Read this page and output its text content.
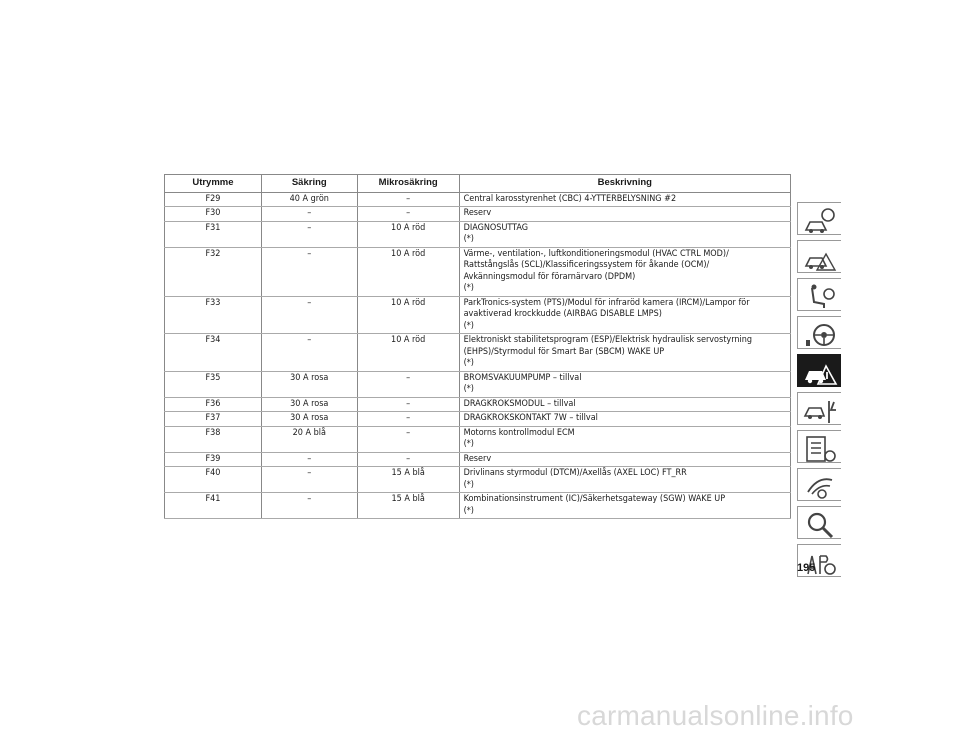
Utrymme	Säkring	Mikrosäkring	Beskrivning
F29	40 A grön	–	Central karosstyrenhet (CBC) 4-YTTERBELYSNING #2

F30	–	–	Reserv

F31	–	10 A röd	DIAGNOSUTTAG
(*)

F32	–	10 A röd	Värme-, ventilation-, luftkonditioneringsmodul (HVAC CTRL MOD)/
Rattstångslås (SCL)/Klassificeringssystem för åkande (OCM)/
Avkänningsmodul för förarnärvaro (DPDM)
(*)

F33	–	10 A röd	ParkTronics-system (PTS)/Modul för infraröd kamera (IRCM)/Lampor för
avaktiverad krockkudde (AIRBAG DISABLE LMPS)
(*)

F34	–	10 A röd	Elektroniskt stabilitetsprogram (ESP)/Elektrisk hydraulisk servostyrning
(EHPS)/Styrmodul för Smart Bar (SBCM) WAKE UP
(*)

F35	30 A rosa	–	BROMSVAKUUMPUMP – tillval
(*)

F36	30 A rosa	–	DRAGKROKSMODUL – tillval

F37	30 A rosa	–	DRAGKROKSKONTAKT 7W – tillval

F38	20 A blå	–	Motorns kontrollmodul ECM
(*)

F39	–	–	Reserv

F40	–	15 A blå	Drivlinans styrmodul (DTCM)/Axellås (AXEL LOC) FT_RR
(*)

F41	–	15 A blå	Kombinationsinstrument (IC)/Säkerhetsgateway (SGW) WAKE UP
(*)
195
carmanualsonline.info
